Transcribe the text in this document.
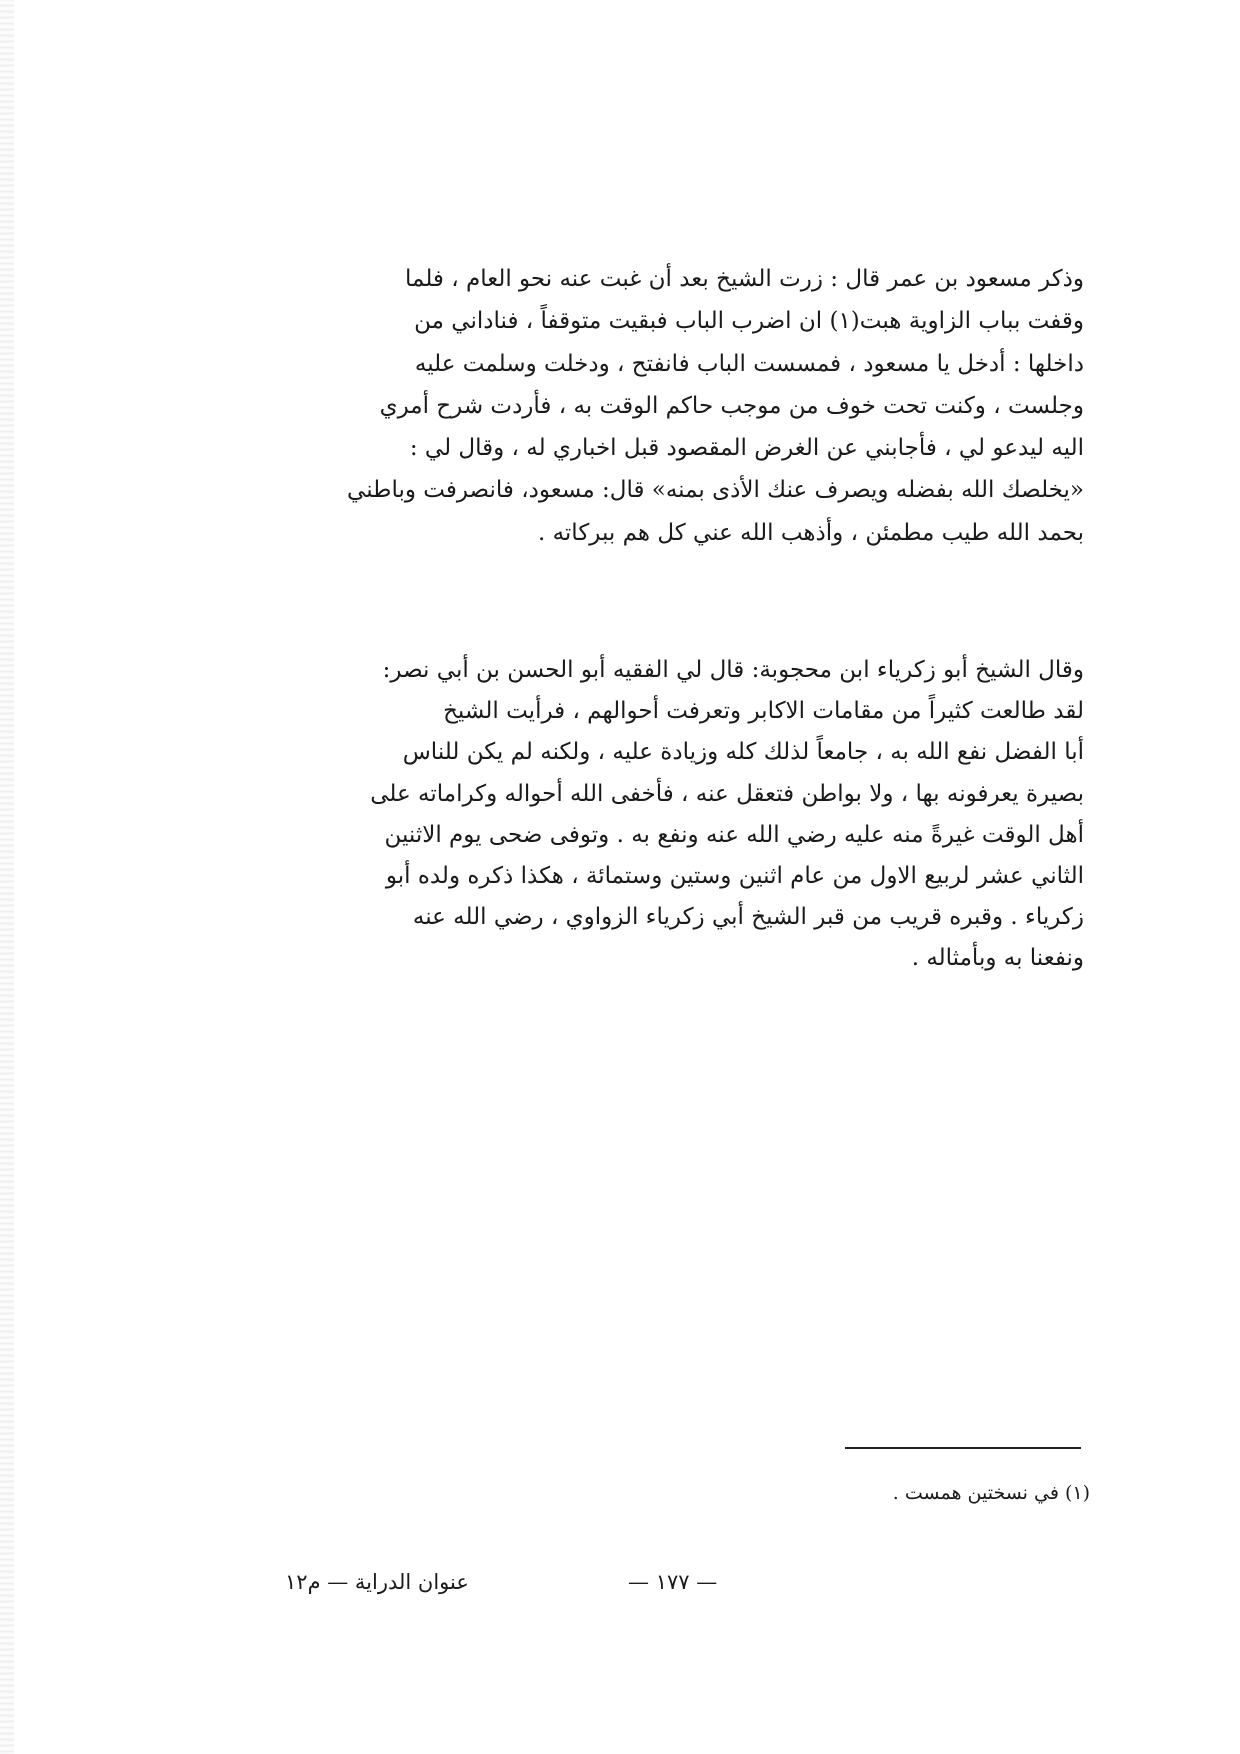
وذكر مسعود بن عمر قال : زرت الشيخ بعد أن غبت عنه نحو العام ، فلما
وقفت بباب الزاوية هبت(١) ان اضرب الباب فبقيت متوقفاً ، فناداني من
داخلها : أدخل يا مسعود ، فمسست الباب فانفتح ، ودخلت وسلمت عليه
وجلست ، وكنت تحت خوف من موجب حاكم الوقت به ، فأردت شرح أمري
اليه ليدعو لي ، فأجابني عن الغرض المقصود قبل اخباري له ، وقال لي :
«يخلصك الله بفضله ويصرف عنك الأذى بمنه» قال: مسعود، فانصرفت وباطني
بحمد الله طيب مطمئن ، وأذهب الله عني كل هم ببركاته .
وقال الشيخ أبو زكرياء ابن محجوبة: قال لي الفقيه أبو الحسن بن أبي نصر:
لقد طالعت كثيراً من مقامات الاكابر وتعرفت أحوالهم ، فرأيت الشيخ
أبا الفضل نفع الله به ، جامعاً لذلك كله وزيادة عليه ، ولكنه لم يكن للناس
بصيرة يعرفونه بها ، ولا بواطن فتعقل عنه ، فأخفى الله أحواله وكراماته على
أهل الوقت غيرةً منه عليه رضي الله عنه ونفع به . وتوفى ضحى يوم الاثنين
الثاني عشر لربيع الاول من عام اثنين وستين وستمائة ، هكذا ذكره ولده أبو
زكرياء . وقبره قريب من قبر الشيخ أبي زكرياء الزواوي ، رضي الله عنه
ونفعنا به وبأمثاله .
(١) في نسختين همست .
— ١٧٧ —
عنوان الدراية — م١٢
